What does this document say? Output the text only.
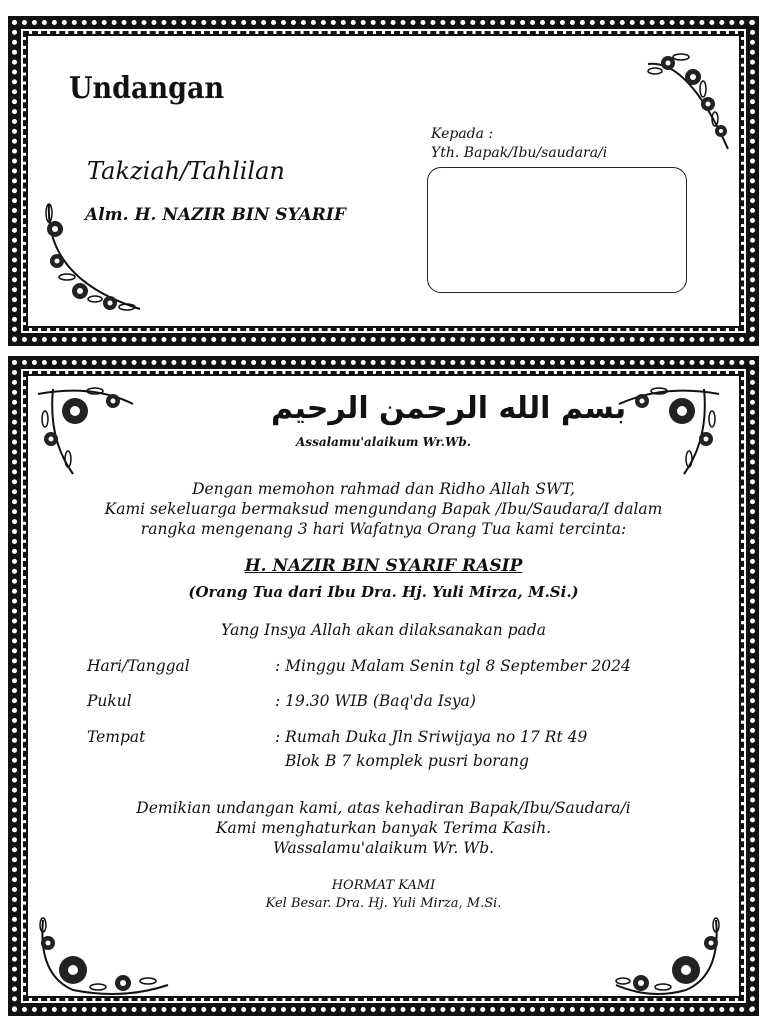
Undangan
Takziah/Tahlilan
Alm. H. NAZIR BIN SYARIF
Kepada :
Yth. Bapak/Ibu/saudara/i
بسم الله الرحمن الرحيم
Assalamu'alaikum Wr.Wb.
Dengan memohon rahmad dan Ridho Allah SWT,
Kami sekeluarga bermaksud mengundang Bapak /Ibu/Saudara/I dalam
rangka mengenang 3 hari Wafatnya Orang Tua kami tercinta:
H. NAZIR BIN SYARIF RASIP
(Orang Tua dari Ibu Dra. Hj. Yuli Mirza, M.Si.)
Yang Insya Allah akan dilaksanakan pada
Hari/Tanggal	: Minggu Malam Senin tgl 8 September 2024
Pukul	: 19.30 WIB (Baq'da Isya)
Tempat	: Rumah Duka Jln Sriwijaya no 17 Rt 49
Blok B 7 komplek pusri borang
Demikian undangan kami, atas kehadiran Bapak/Ibu/Saudara/i
Kami menghaturkan banyak Terima Kasih.
Wassalamu'alaikum Wr. Wb.
HORMAT KAMI
Kel Besar. Dra. Hj. Yuli Mirza, M.Si.
